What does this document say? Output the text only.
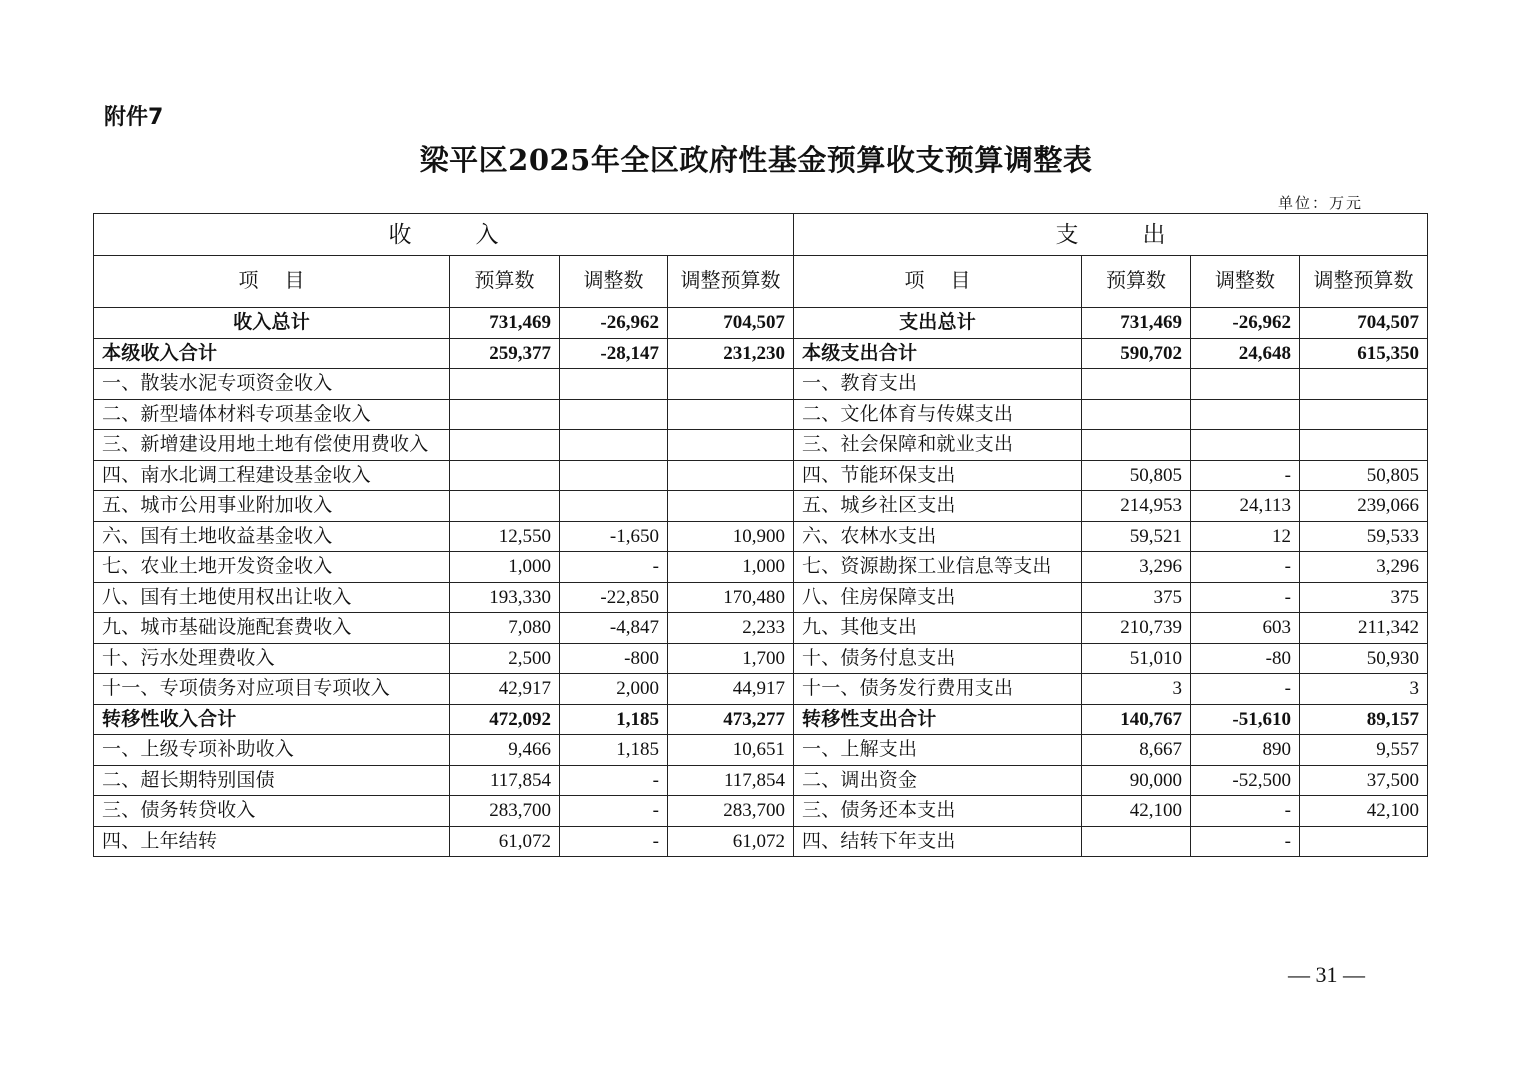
附件7
梁平区2025年全区政府性基金预算收支预算调整表
单位：万元
收 入				支 出			
项 目	预算数	调整数	调整预算数	项 目	预算数	调整数	调整预算数
收入总计	731,469	-26,962	704,507	支出总计	731,469	-26,962	704,507
本级收入合计	259,377	-28,147	231,230	本级支出合计	590,702	24,648	615,350
一、散装水泥专项资金收入				一、教育支出			
二、新型墙体材料专项基金收入				二、文化体育与传媒支出			
三、新增建设用地土地有偿使用费收入				三、社会保障和就业支出			
四、南水北调工程建设基金收入				四、节能环保支出	50,805	-	50,805
五、城市公用事业附加收入				五、城乡社区支出	214,953	24,113	239,066
六、国有土地收益基金收入	12,550	-1,650	10,900	六、农林水支出	59,521	12	59,533
七、农业土地开发资金收入	1,000	-	1,000	七、资源勘探工业信息等支出	3,296	-	3,296
八、国有土地使用权出让收入	193,330	-22,850	170,480	八、住房保障支出	375	-	375
九、城市基础设施配套费收入	7,080	-4,847	2,233	九、其他支出	210,739	603	211,342
十、污水处理费收入	2,500	-800	1,700	十、债务付息支出	51,010	-80	50,930
十一、专项债务对应项目专项收入	42,917	2,000	44,917	十一、债务发行费用支出	3	-	3
转移性收入合计	472,092	1,185	473,277	转移性支出合计	140,767	-51,610	89,157
一、上级专项补助收入	9,466	1,185	10,651	一、上解支出	8,667	890	9,557
二、超长期特别国债	117,854	-	117,854	二、调出资金	90,000	-52,500	37,500
三、债务转贷收入	283,700	-	283,700	三、债务还本支出	42,100	-	42,100
四、上年结转	61,072	-	61,072	四、结转下年支出		-	
— 31 —
